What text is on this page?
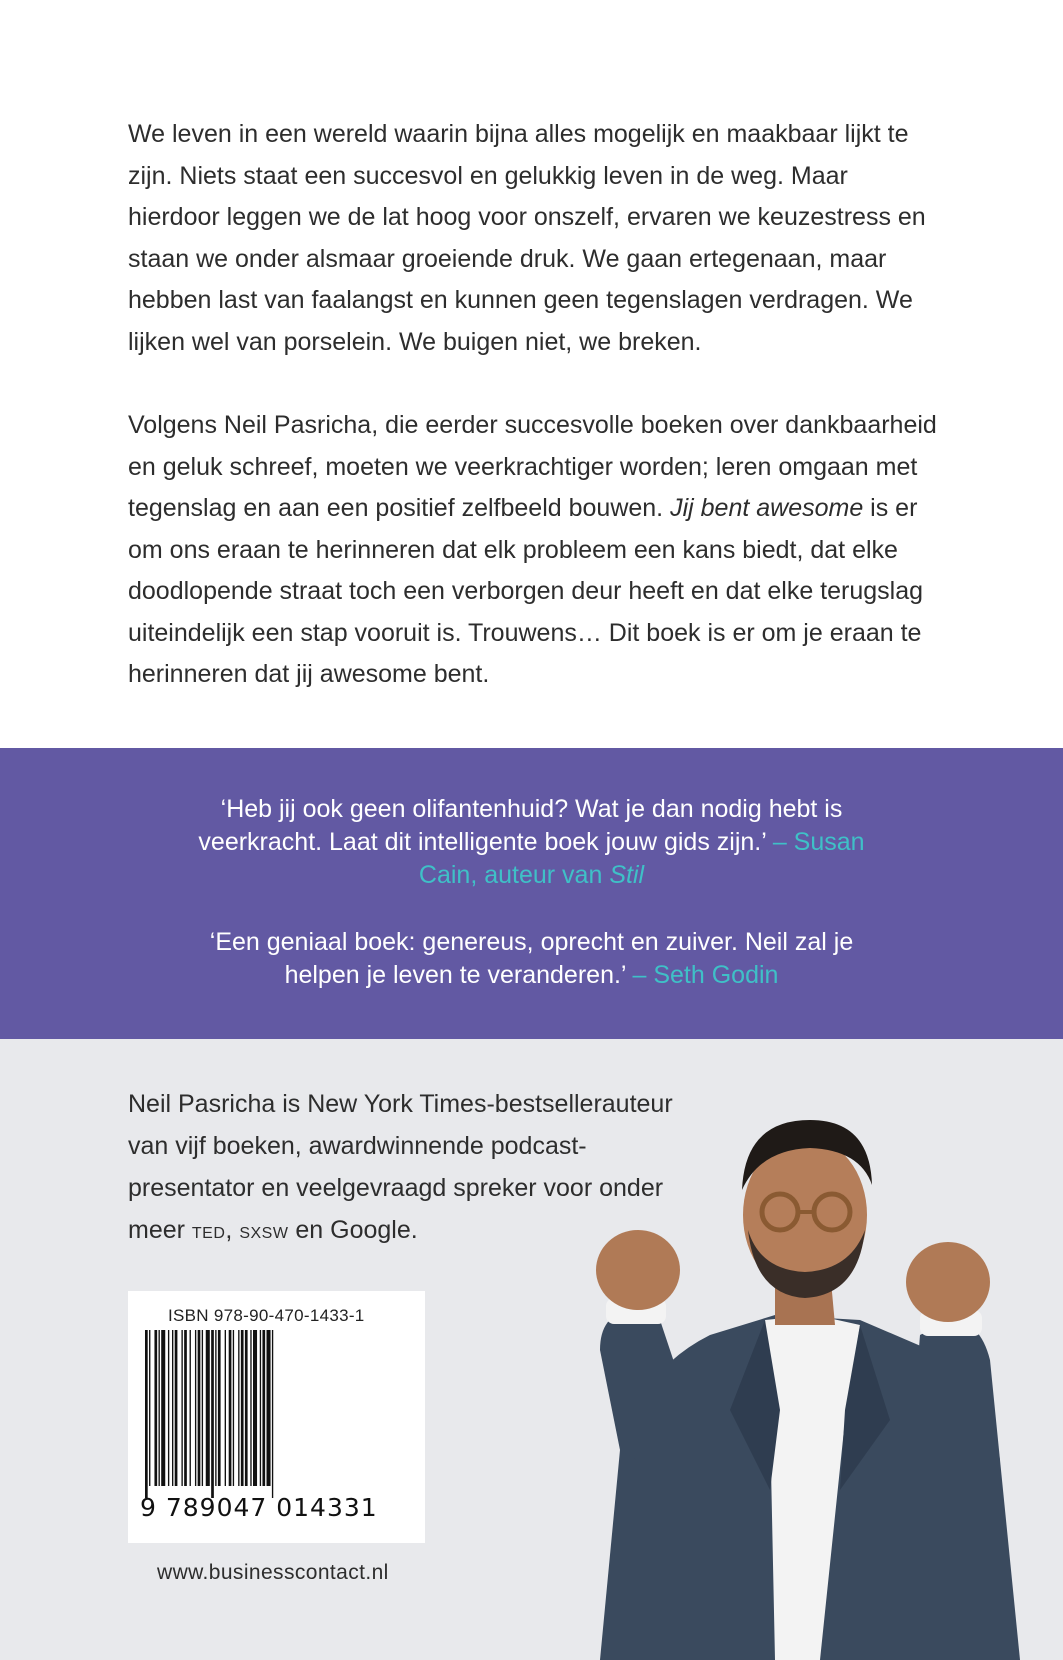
We leven in een wereld waarin bijna alles mogelijk en maakbaar lijkt te zijn. Niets staat een succesvol en gelukkig leven in de weg. Maar hierdoor leggen we de lat hoog voor onszelf, ervaren we keuzestress en staan we onder alsmaar groeiende druk. We gaan ertegenaan, maar hebben last van faalangst en kunnen geen tegenslagen verdragen. We lijken wel van porselein. We buigen niet, we breken.

Volgens Neil Pasricha, die eerder succesvolle boeken over dankbaarheid en geluk schreef, moeten we veerkrachtiger worden; leren omgaan met tegenslag en aan een positief zelfbeeld bouwen. Jij bent awesome is er om ons eraan te herinneren dat elk probleem een kans biedt, dat elke doodlopende straat toch een verborgen deur heeft en dat elke terugslag uiteindelijk een stap vooruit is. Trouwens… Dit boek is er om je eraan te herinneren dat jij awesome bent.

‘Heb jij ook geen olifantenhuid? Wat je dan nodig hebt is veerkracht. Laat dit intelligente boek jouw gids zijn.’ – Susan Cain, auteur van Stil

‘Een geniaal boek: genereus, oprecht en zuiver. Neil zal je helpen je leven te veranderen.’ – Seth Godin

Neil Pasricha is New York Times-bestsellerauteur van vijf boeken, awardwinnende podcast-presentator en veelgevraagd spreker voor onder meer TED, SXSW en Google.

ISBN 978-90-470-1433-1
9 789047 014331
www.businesscontact.nl
